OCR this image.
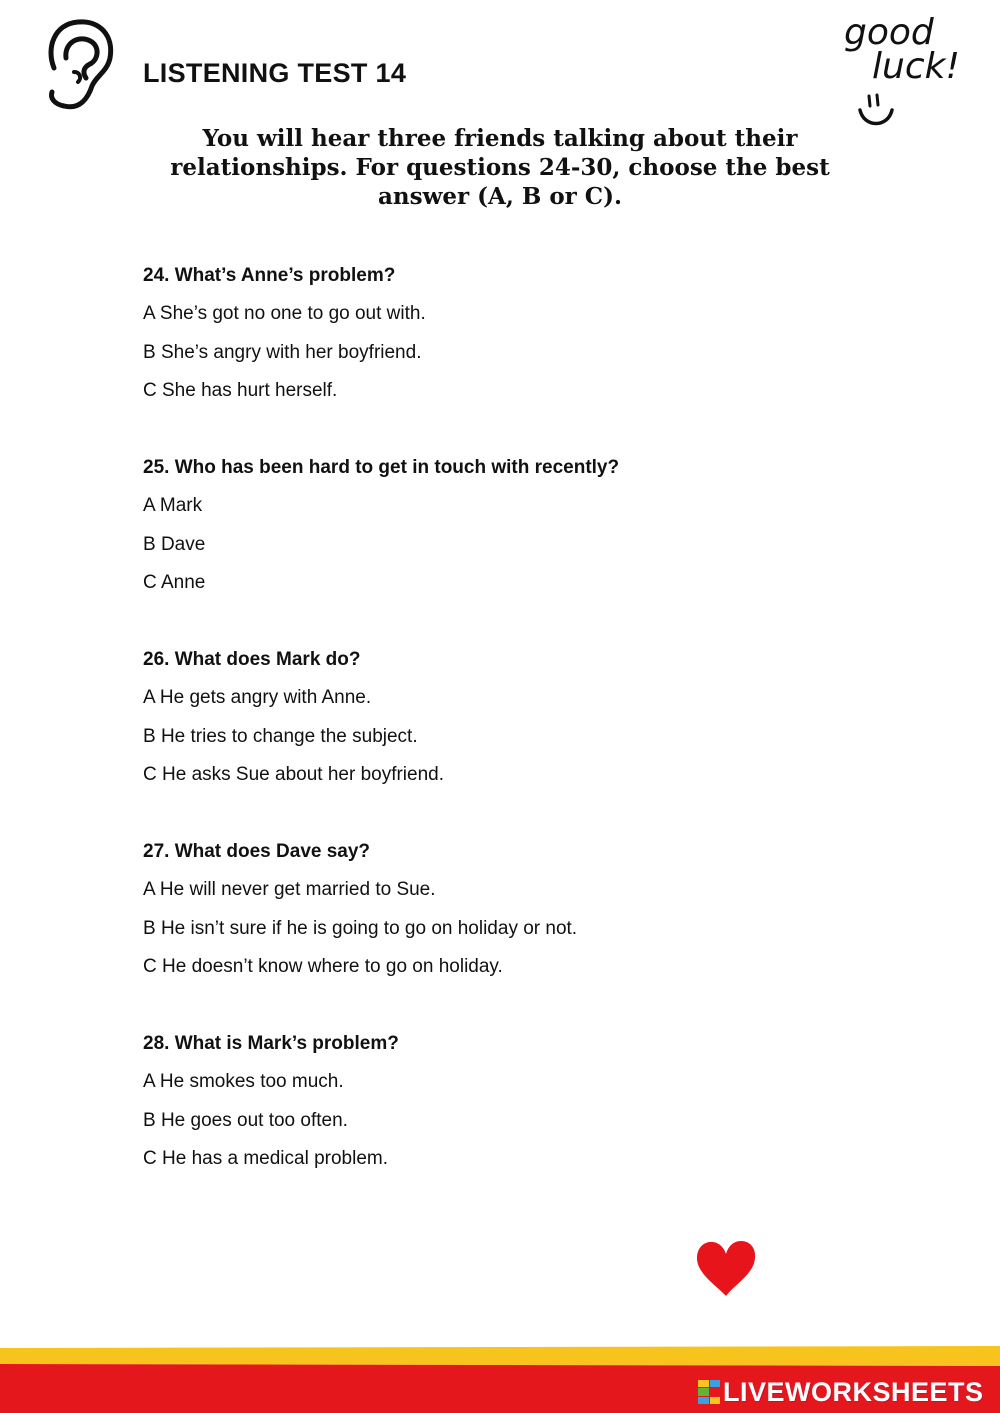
LISTENING TEST 14
good
luck!
You will hear three friends talking about their relationships. For questions 24-30, choose the best answer (A, B or C).
24. What’s Anne’s problem?
A She’s got no one to go out with.
B She’s angry with her boyfriend.
C She has hurt herself.
25. Who has been hard to get in touch with recently?
A Mark
B Dave
C Anne
26. What does Mark do?
A He gets angry with Anne.
B He tries to change the subject.
C He asks Sue about her boyfriend.
27. What does Dave say?
A He will never get married to Sue.
B He isn’t sure if he is going to go on holiday or not.
C He doesn’t know where to go on holiday.
28. What is Mark’s problem?
A He smokes too much.
B He goes out too often.
C He has a medical problem.
LIVEWORKSHEETS
